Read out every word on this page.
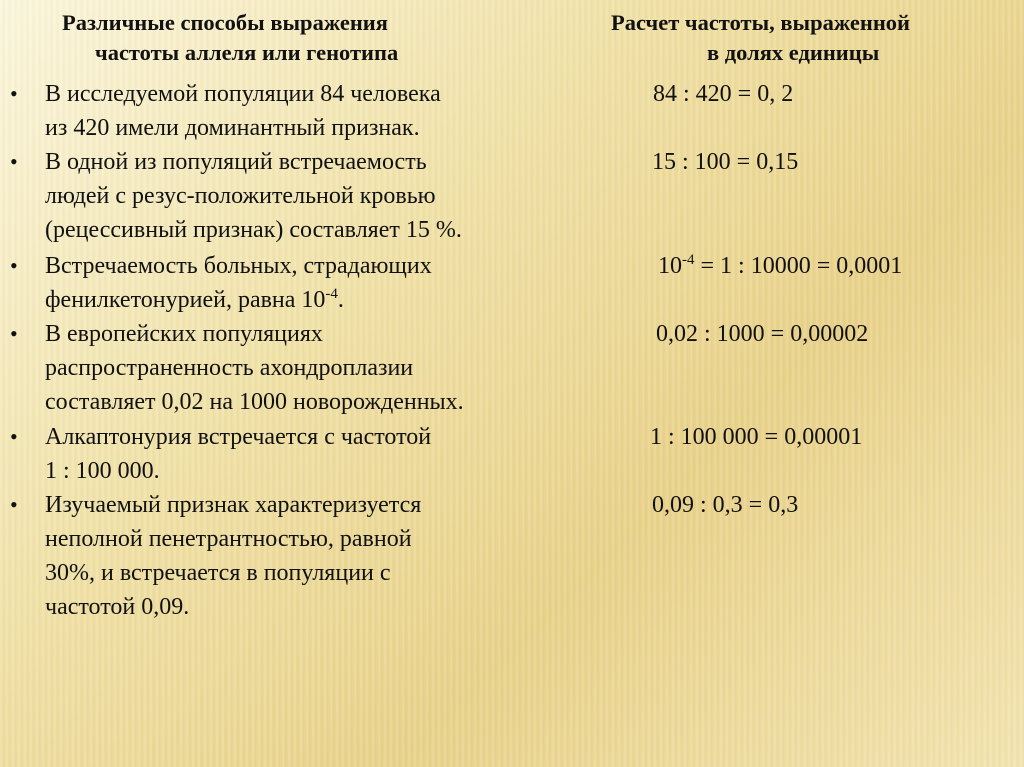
Различные способы выражения
частоты аллеля или генотипа
Расчет частоты, выраженной
в долях единицы
• В исследуемой популяции 84 человека
из 420 имели доминантный признак.
84 : 420 = 0, 2
• В одной из популяций встречаемость
людей с резус-положительной кровью
(рецессивный признак) составляет 15 %.
15 : 100 = 0,15
• Встречаемость больных, страдающих
фенилкетонурией, равна $10^{-4}$.
$10^{-4} = 1$ : 10000 = 0,0001
• В европейских популяциях
распространенность ахондроплазии
составляет 0,02 на 1000 новорожденных.
0,02 : 1000 = 0,00002
• Алкаптонурия встречается с частотой
1 : 100 000.
1 : 100 000 = 0,00001
• Изучаемый признак характеризуется
неполной пенетрантностью, равной
30%, и встречается в популяции с
частотой 0,09.
0,09 : 0,3 = 0,3
